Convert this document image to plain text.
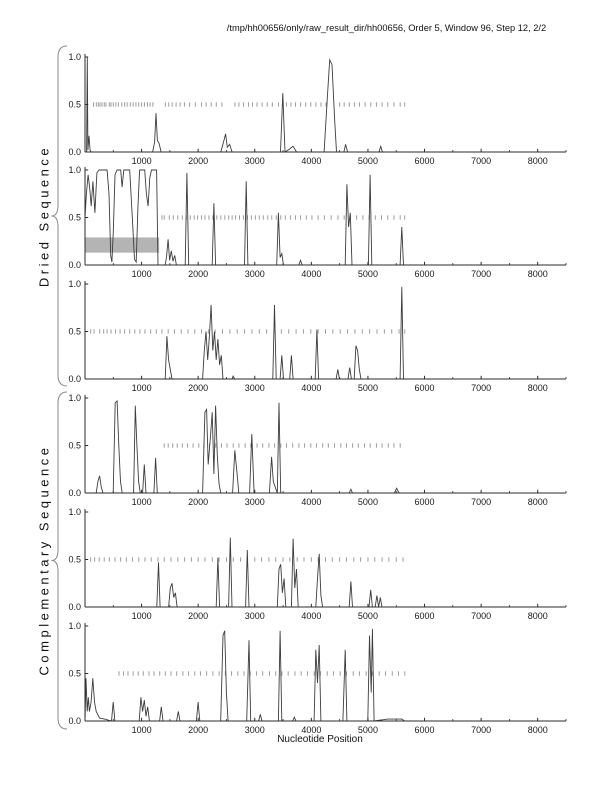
/tmp/hh00656/only/raw_result_dir/hh00656, Order 5, Window 96, Step 12, 2/2
1000	2000	3000	4000	5000	6000	7000	8000
0.0
0.5
1.0
1000	2000	3000	4000	5000	6000	7000	8000
0.0
0.5
1.0
1000	2000	3000	4000	5000	6000	7000	8000
0.0
0.5
1.0
1000	2000	3000	4000	5000	6000	7000	8000
0.0
0.5
1.0
1000	2000	3000	4000	5000	6000	7000	8000
0.0
0.5
1.0
1000	2000	3000	4000	5000	6000	7000	8000
0.0
0.5
1.0
Dried Sequence
Complementary Sequence
Nucleotide Position
